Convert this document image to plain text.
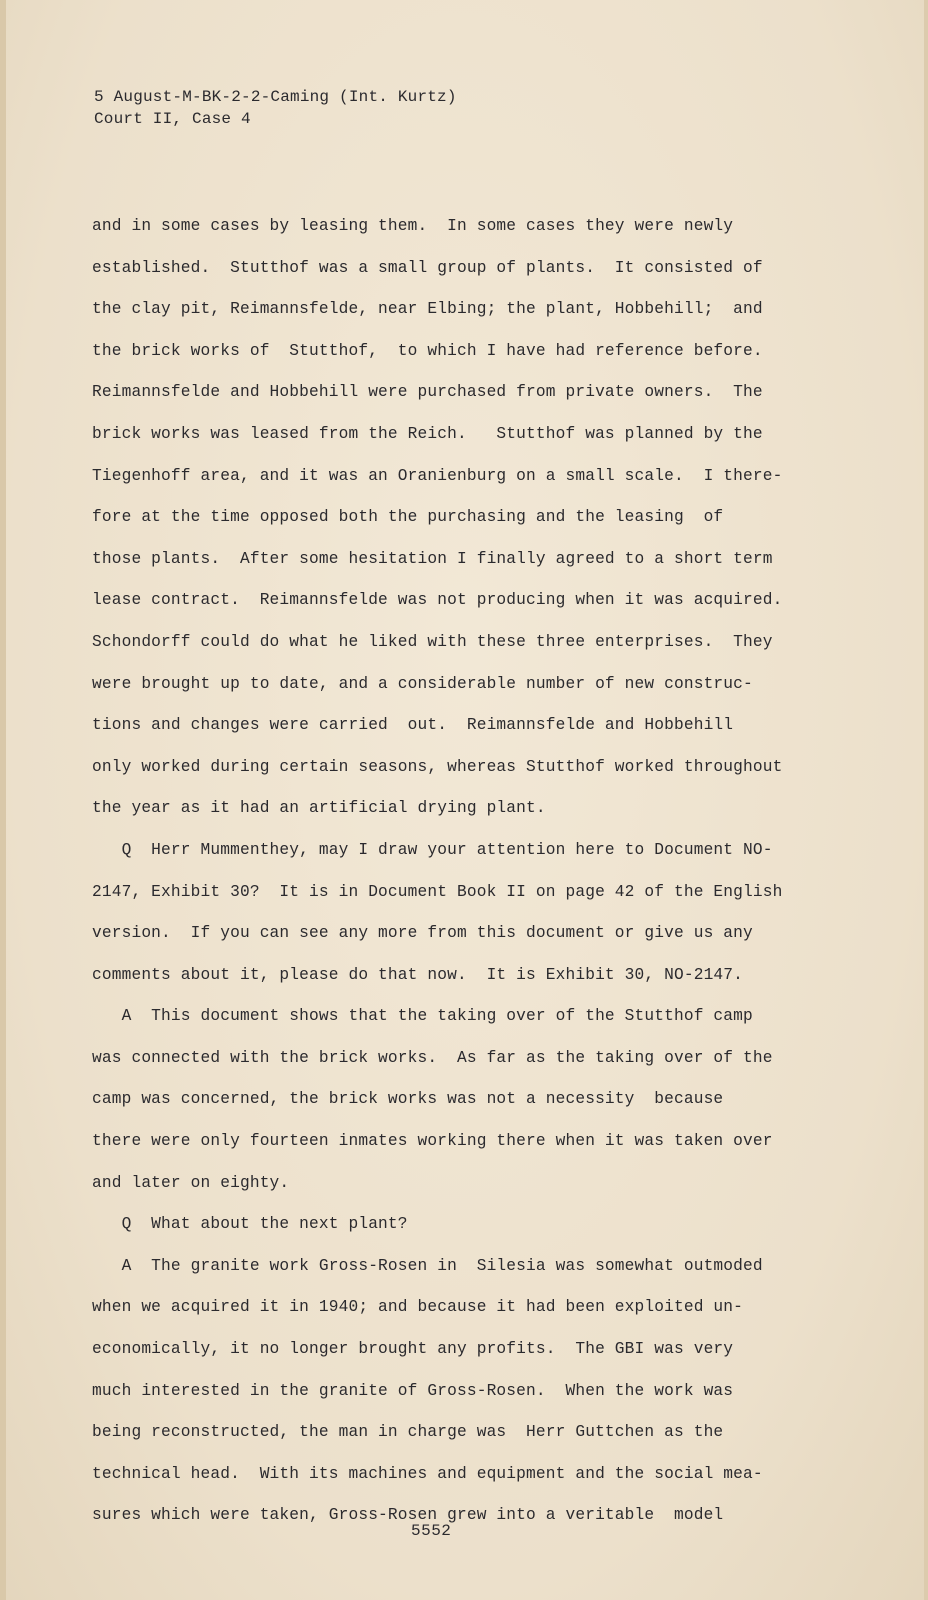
5 August-M-BK-2-2-Caming (Int. Kurtz)
Court II, Case 4
and in some cases by leasing them.  In some cases they were newly
established.  Stutthof was a small group of plants.  It consisted of
the clay pit, Reimannsfelde, near Elbing; the plant, Hobbehill;  and
the brick works of  Stutthof,  to which I have had reference before.
Reimannsfelde and Hobbehill were purchased from private owners.  The
brick works was leased from the Reich.   Stutthof was planned by the
Tiegenhoff area, and it was an Oranienburg on a small scale.  I there-
fore at the time opposed both the purchasing and the leasing  of
those plants.  After some hesitation I finally agreed to a short term
lease contract.  Reimannsfelde was not producing when it was acquired.
Schondorff could do what he liked with these three enterprises.  They
were brought up to date, and a considerable number of new construc-
tions and changes were carried  out.  Reimannsfelde and Hobbehill
only worked during certain seasons, whereas Stutthof worked throughout
the year as it had an artificial drying plant.
Q  Herr Mummenthey, may I draw your attention here to Document NO-
2147, Exhibit 30?  It is in Document Book II on page 42 of the English
version.  If you can see any more from this document or give us any
comments about it, please do that now.  It is Exhibit 30, NO-2147.
A  This document shows that the taking over of the Stutthof camp
was connected with the brick works.  As far as the taking over of the
camp was concerned, the brick works was not a necessity  because
there were only fourteen inmates working there when it was taken over
and later on eighty.
Q  What about the next plant?
A  The granite work Gross-Rosen in  Silesia was somewhat outmoded
when we acquired it in 1940; and because it had been exploited un-
economically, it no longer brought any profits.  The GBI was very
much interested in the granite of Gross-Rosen.  When the work was
being reconstructed, the man in charge was  Herr Guttchen as the
technical head.  With its machines and equipment and the social mea-
sures which were taken, Gross-Rosen grew into a veritable  model
5552
